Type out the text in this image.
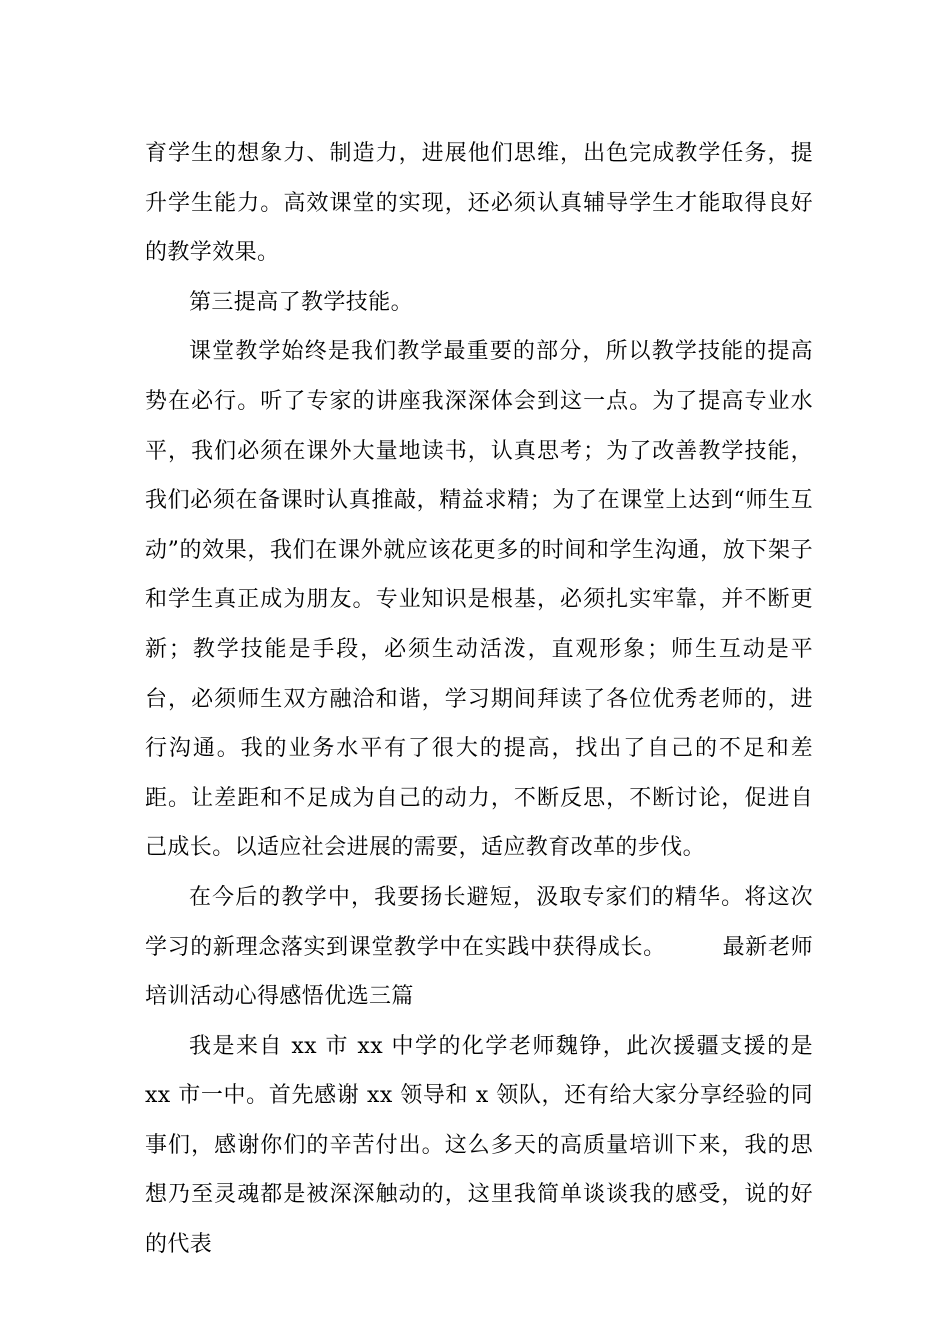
育学生的想象力、制造力，进展他们思维，出色完成教学任务，提升学生能力。高效课堂的实现，还必须认真辅导学生才能取得良好的教学效果。

第三提高了教学技能。

课堂教学始终是我们教学最重要的部分，所以教学技能的提高势在必行。听了专家的讲座我深深体会到这一点。为了提高专业水平，我们必须在课外大量地读书，认真思考；为了改善教学技能，我们必须在备课时认真推敲，精益求精；为了在课堂上达到“师生互动”的效果，我们在课外就应该花更多的时间和学生沟通，放下架子和学生真正成为朋友。专业知识是根基，必须扎实牢靠，并不断更新；教学技能是手段，必须生动活泼，直观形象；师生互动是平台，必须师生双方融洽和谐，学习期间拜读了各位优秀老师的，进行沟通。我的业务水平有了很大的提高，找出了自己的不足和差距。让差距和不足成为自己的动力，不断反思，不断讨论，促进自己成长。以适应社会进展的需要，适应教育改革的步伐。

在今后的教学中，我要扬长避短，汲取专家们的精华。将这次学习的新理念落实到课堂教学中在实践中获得成长。　　　最新老师培训活动心得感悟优选三篇

我是来自 xx 市 xx 中学的化学老师魏铮，此次援疆支援的是 xx 市一中。首先感谢 xx 领导和 x 领队，还有给大家分享经验的同事们，感谢你们的辛苦付出。这么多天的高质量培训下来，我的思想乃至灵魂都是被深深触动的，这里我简单谈谈我的感受，说的好的代表
